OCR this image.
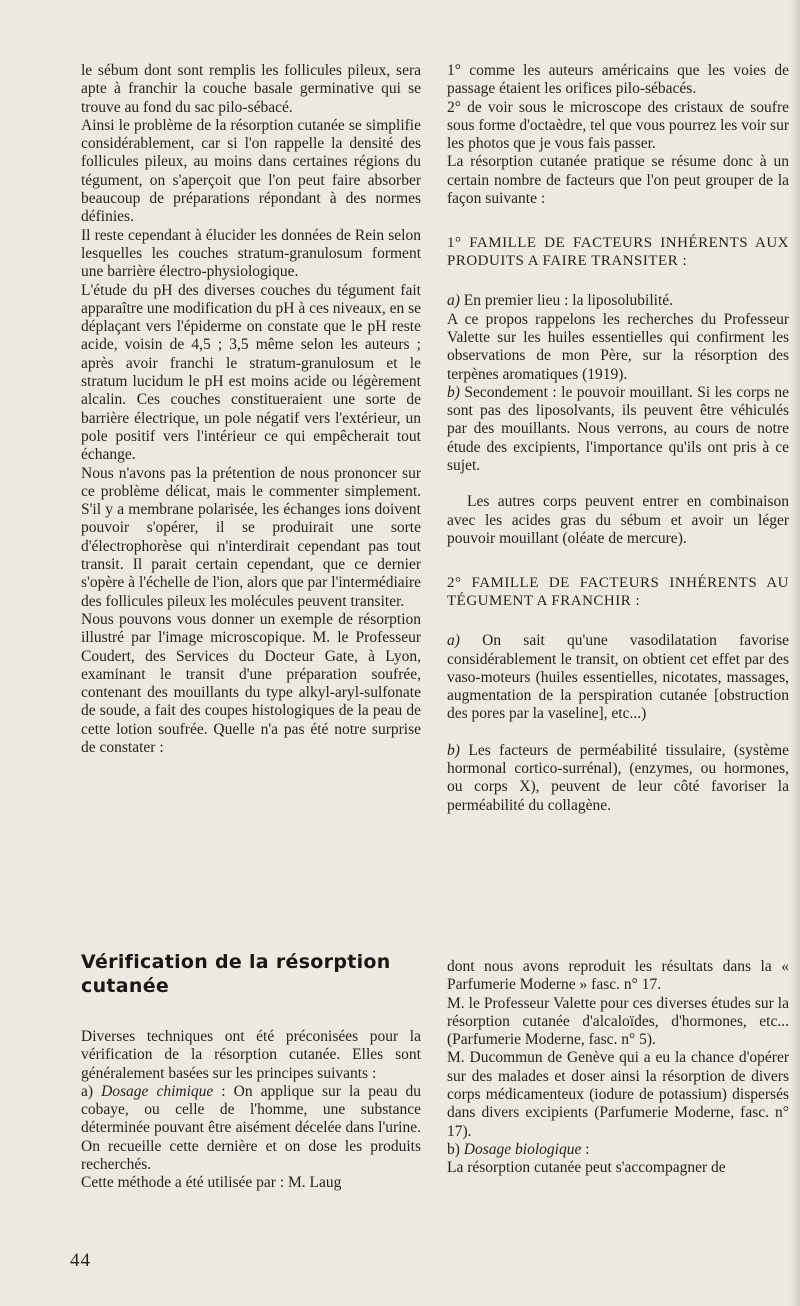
le sébum dont sont remplis les follicules pileux, sera apte à franchir la couche basale germinative qui se trouve au fond du sac pilo-sébacé.

Ainsi le problème de la résorption cutanée se simplifie considérablement, car si l'on rappelle la densité des follicules pileux, au moins dans certaines régions du tégument, on s'aperçoit que l'on peut faire absorber beaucoup de préparations répondant à des normes définies.

Il reste cependant à élucider les données de Rein selon lesquelles les couches stratum-granulosum forment une barrière électro-physiologique.

L'étude du pH des diverses couches du tégument fait apparaître une modification du pH à ces niveaux, en se déplaçant vers l'épiderme on constate que le pH reste acide, voisin de 4,5 ; 3,5 même selon les auteurs ; après avoir franchi le stratum-granulosum et le stratum lucidum le pH est moins acide ou légèrement alcalin. Ces couches constitueraient une sorte de barrière électrique, un pole négatif vers l'extérieur, un pole positif vers l'intérieur ce qui empêcherait tout échange.

Nous n'avons pas la prétention de nous prononcer sur ce problème délicat, mais le commenter simplement. S'il y a membrane polarisée, les échanges ions doivent pouvoir s'opérer, il se produirait une sorte d'électrophorèse qui n'interdirait cependant pas tout transit. Il parait certain cependant, que ce dernier s'opère à l'échelle de l'ion, alors que par l'intermédiaire des follicules pileux les molécules peuvent transiter.

Nous pouvons vous donner un exemple de résorption illustré par l'image microscopique. M. le Professeur Coudert, des Services du Docteur Gate, à Lyon, examinant le transit d'une préparation soufrée, contenant des mouillants du type alkyl-aryl-sulfonate de soude, a fait des coupes histologiques de la peau de cette lotion soufrée. Quelle n'a pas été notre surprise de constater :

1° comme les auteurs américains que les voies de passage étaient les orifices pilo-sébacés.

2° de voir sous le microscope des cristaux de soufre sous forme d'octaèdre, tel que vous pourrez les voir sur les photos que je vous fais passer.

La résorption cutanée pratique se résume donc à un certain nombre de facteurs que l'on peut grouper de la façon suivante :

1° FAMILLE DE FACTEURS INHÉRENTS AUX PRODUITS A FAIRE TRANSITER :

a) En premier lieu : la liposolubilité.

A ce propos rappelons les recherches du Professeur Valette sur les huiles essentielles qui confirment les observations de mon Père, sur la résorption des terpènes aromatiques (1919).

b) Secondement : le pouvoir mouillant. Si les corps ne sont pas des liposolvants, ils peuvent être véhiculés par des mouillants. Nous verrons, au cours de notre étude des excipients, l'importance qu'ils ont pris à ce sujet.

Les autres corps peuvent entrer en combinaison avec les acides gras du sébum et avoir un léger pouvoir mouillant (oléate de mercure).

2° FAMILLE DE FACTEURS INHÉRENTS AU TÉGUMENT A FRANCHIR :

a) On sait qu'une vasodilatation favorise considérablement le transit, on obtient cet effet par des vaso-moteurs (huiles essentielles, nicotates, massages, augmentation de la perspiration cutanée [obstruction des pores par la vaseline], etc...)

b) Les facteurs de perméabilité tissulaire, (système hormonal cortico-surrénal), (enzymes, ou hormones, ou corps X), peuvent de leur côté favoriser la perméabilité du collagène.

Vérification de la résorption cutanée

Diverses techniques ont été préconisées pour la vérification de la résorption cutanée. Elles sont généralement basées sur les principes suivants :

a) Dosage chimique : On applique sur la peau du cobaye, ou celle de l'homme, une substance déterminée pouvant être aisément décelée dans l'urine. On recueille cette dernière et on dose les produits recherchés.

Cette méthode a été utilisée par : M. Laug

dont nous avons reproduit les résultats dans la « Parfumerie Moderne » fasc. n° 17.

M. le Professeur Valette pour ces diverses études sur la résorption cutanée d'alcaloïdes, d'hormones, etc... (Parfumerie Moderne, fasc. n° 5).

M. Ducommun de Genève qui a eu la chance d'opérer sur des malades et doser ainsi la résorption de divers corps médicamenteux (iodure de potassium) dispersés dans divers excipients (Parfumerie Moderne, fasc. n° 17).

b) Dosage biologique :

La résorption cutanée peut s'accompagner de

44
